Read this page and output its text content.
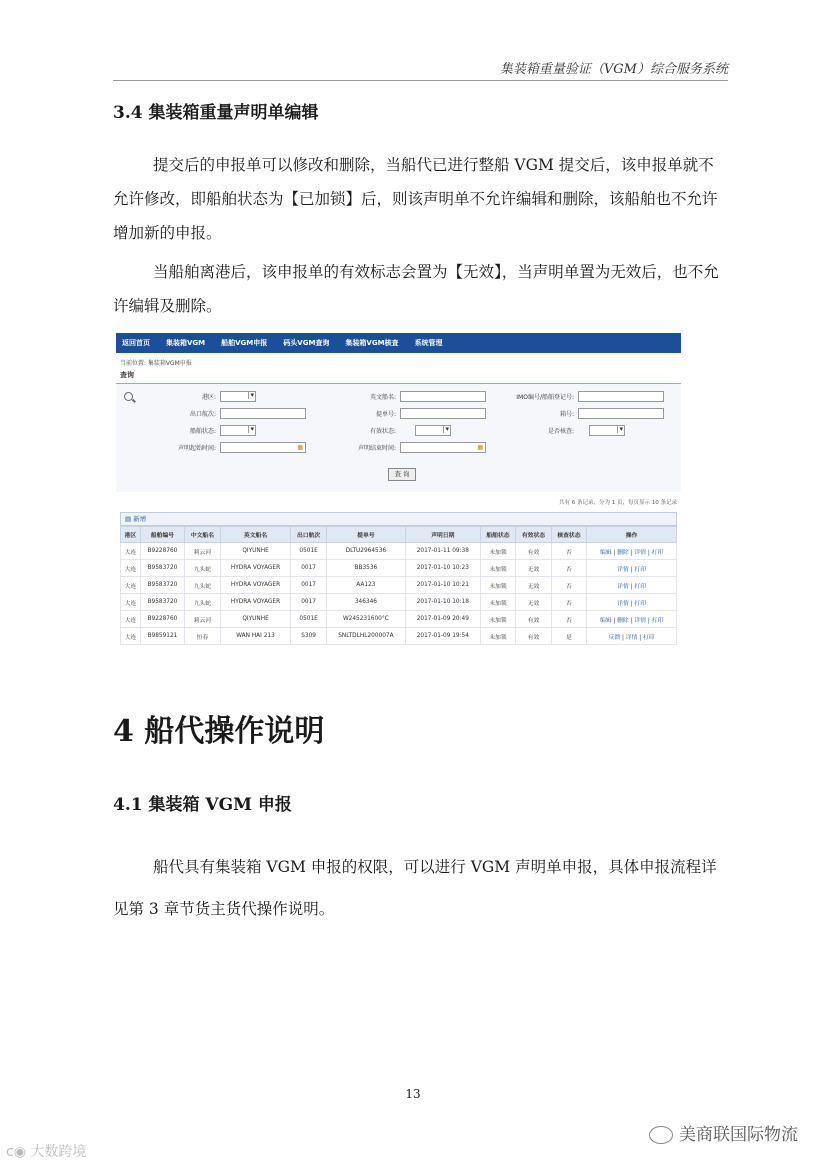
集装箱重量验证（VGM）综合服务系统
3.4 集装箱重量声明单编辑
提交后的申报单可以修改和删除，当船代已进行整船 VGM 提交后，该申报单就不允许修改，即船舶状态为【已加锁】后，则该声明单不允许编辑和删除，该船舶也不允许增加新的申报。
当船舶离港后，该申报单的有效标志会置为【无效】，当声明单置为无效后，也不允许编辑及删除。
返回首页 集装箱VGM 船舶VGM申报 码头VGM查询 集装箱VGM核查 系统管理
当前位置: 集装箱VGM申报
查询
港区: ▾	英文船名:	IMO编号/船舶登记号:
出口航次:	提单号:	箱号:
船舶状态: ▾	有效状态: ▾	是否核查:
▾
声明起始时间:	▦	声明结束时间:	▦
查 询
共有 6 条记录，分为 1 页，每页显示 10 条记录
▤ 新增
港区	船舶编号	中文船名	英文船名	出口航次	提单号	声明日期	船舶状态	有效状态	核查状态	操作
大连	B9228760	莉云河	QIYUNHE	0501E	DLTU2964536	2017-01-11 09:38	未加锁	有效	否	编辑 | 删除 | 详情 | 打印
大连	B9583720	九头蛇	HYDRA VOYAGER	0017	BB3536	2017-01-10 10:23	未加锁	无效	否	详情 | 打印
大连	B9583720	九头蛇	HYDRA VOYAGER	0017	AA123	2017-01-10 10:21	未加锁	无效	否	详情 | 打印
大连	B9583720	九头蛇	HYDRA VOYAGER	0017	346346	2017-01-10 10:18	未加锁	无效	否	详情 | 打印
大连	B9228760	莉云河	QIYUNHE	0501E	W245231600°C	2017-01-09 20:49	未加锁	有效	否	编辑 | 删除 | 详情 | 打印
大连	B9859121	恒春	WAN HAI 213	S309	SNLTDLHL200007A	2017-01-09 19:54	未加锁	有效	是	反馈 | 详情 | 打印
4 船代操作说明
4.1 集装箱 VGM 申报
船代具有集装箱 VGM 申报的权限，可以进行 VGM 声明单申报，具体申报流程详见第 3 章节货主货代操作说明。
13
ᴄ◉ 大数跨境
美商联国际物流
